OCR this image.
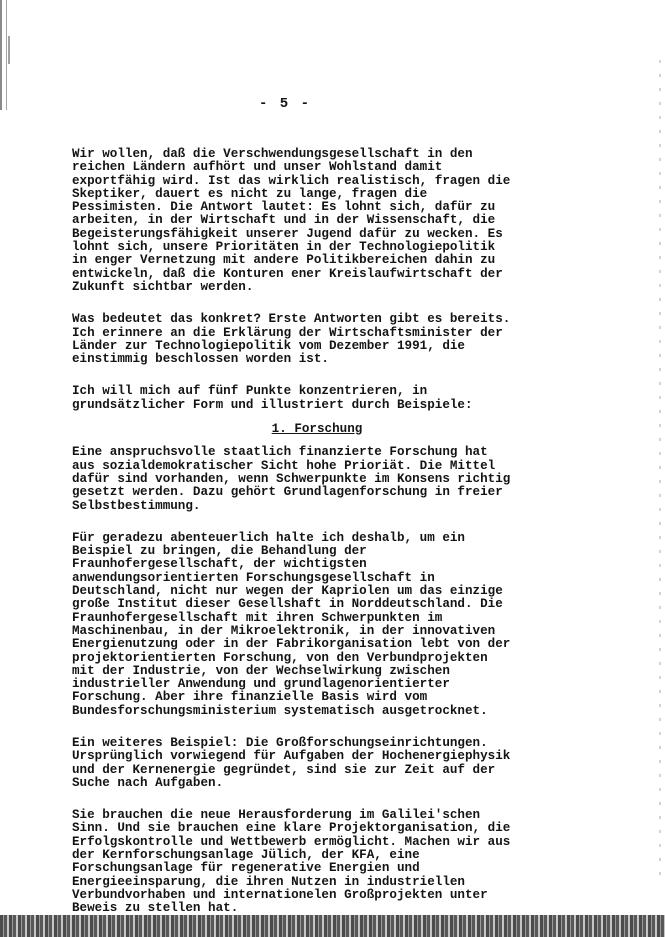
- 5 -

Wir wollen, daß die Verschwendungsgesellschaft in den
reichen Ländern aufhört und unser Wohlstand damit
exportfähig wird. Ist das wirklich realistisch, fragen die
Skeptiker, dauert es nicht zu lange, fragen die
Pessimisten. Die Antwort lautet: Es lohnt sich, dafür zu
arbeiten, in der Wirtschaft und in der Wissenschaft, die
Begeisterungsfähigkeit unserer Jugend dafür zu wecken. Es
lohnt sich, unsere Prioritäten in der Technologiepolitik
in enger Vernetzung mit andere Politikbereichen dahin zu
entwickeln, daß die Konturen ener Kreislaufwirtschaft der
Zukunft sichtbar werden.

Was bedeutet das konkret? Erste Antworten gibt es bereits.
Ich erinnere an die Erklärung der Wirtschaftsminister der
Länder zur Technologiepolitik vom Dezember 1991, die
einstimmig beschlossen worden ist.

Ich will mich auf fünf Punkte konzentrieren, in
grundsätzlicher Form und illustriert durch Beispiele:

1. Forschung

Eine anspruchsvolle staatlich finanzierte Forschung hat
aus sozialdemokratischer Sicht hohe Prioriät. Die Mittel
dafür sind vorhanden, wenn Schwerpunkte im Konsens richtig
gesetzt werden. Dazu gehört Grundlagenforschung in freier
Selbstbestimmung.

Für geradezu abenteuerlich halte ich deshalb, um ein
Beispiel zu bringen, die Behandlung der
Fraunhofergesellschaft, der wichtigsten
anwendungsorientierten Forschungsgesellschaft in
Deutschland, nicht nur wegen der Kapriolen um das einzige
große Institut dieser Gesellshaft in Norddeutschland. Die
Fraunhofergesellschaft mit ihren Schwerpunkten im
Maschinenbau, in der Mikroelektronik, in der innovativen
Energienutzung oder in der Fabrikorganisation lebt von der
projektorientierten Forschung, von den Verbundprojekten
mit der Industrie, von der Wechselwirkung zwischen
industrieller Anwendung und grundlagenorientierter
Forschung. Aber ihre finanzielle Basis wird vom
Bundesforschungsministerium systematisch ausgetrocknet.

Ein weiteres Beispiel: Die Großforschungseinrichtungen.
Ursprünglich vorwiegend für Aufgaben der Hochenergiephysik
und der Kernenergie gegründet, sind sie zur Zeit auf der
Suche nach Aufgaben.

Sie brauchen die neue Herausforderung im Galilei'schen
Sinn. Und sie brauchen eine klare Projektorganisation, die
Erfolgskontrolle und Wettbewerb ermöglicht. Machen wir aus
der Kernforschungsanlage Jülich, der KFA, eine
Forschungsanlage für regenerative Energien und
Energieeinsparung, die ihren Nutzen in industriellen
Verbundvorhaben und internationelen Großprojekten unter
Beweis zu stellen hat.
